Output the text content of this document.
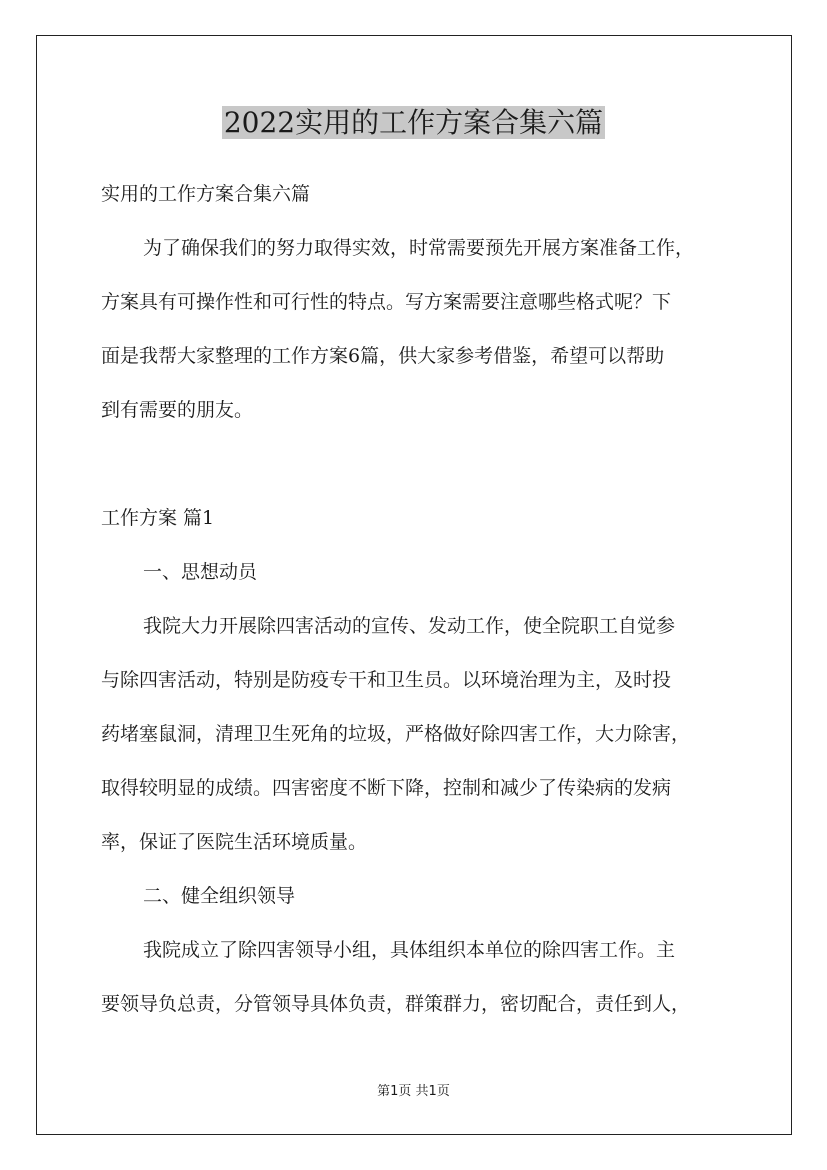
2022实用的工作方案合集六篇

实用的工作方案合集六篇

为了确保我们的努力取得实效，时常需要预先开展方案准备工作，

方案具有可操作性和可行性的特点。写方案需要注意哪些格式呢？下

面是我帮大家整理的工作方案6篇，供大家参考借鉴，希望可以帮助

到有需要的朋友。

工作方案 篇1

一、思想动员

我院大力开展除四害活动的宣传、发动工作，使全院职工自觉参

与除四害活动，特别是防疫专干和卫生员。以环境治理为主，及时投

药堵塞鼠洞，清理卫生死角的垃圾，严格做好除四害工作，大力除害，

取得较明显的成绩。四害密度不断下降，控制和减少了传染病的发病

率，保证了医院生活环境质量。

二、健全组织领导

我院成立了除四害领导小组，具体组织本单位的除四害工作。主

要领导负总责，分管领导具体负责，群策群力，密切配合，责任到人，

第1页 共1页
